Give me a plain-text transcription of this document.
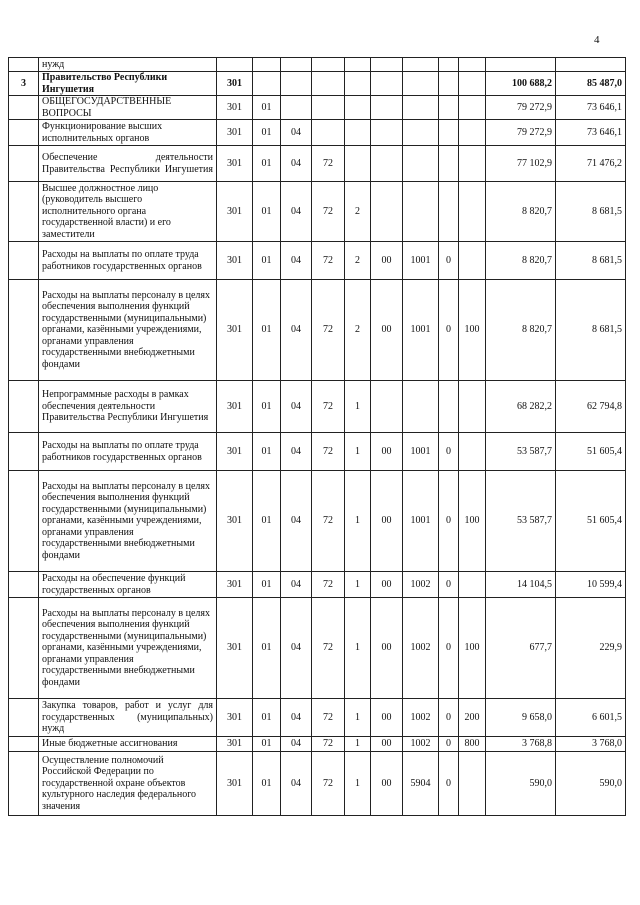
4
	нужд											
3	Правительство Республики Ингушетия	301									100 688,2	85 487,0
	ОБЩЕГОСУДАРСТВЕННЫЕ ВОПРОСЫ	301	01								79 272,9	73 646,1
	Функционирование высших исполнительных органов	301	01	04							79 272,9	73 646,1
	Обеспечение деятельности Правительства Республики Ингушетия	301	01	04	72						77 102,9	71 476,2
	Высшее должностное лицо (руководитель высшего исполнительного органа государственной власти) и его заместители	301	01	04	72	2					8 820,7	8 681,5
	Расходы на выплаты по оплате труда работников государственных органов	301	01	04	72	2	00	1001	0		8 820,7	8 681,5
	Расходы на выплаты персоналу в целях обеспечения выполнения функций государственными (муниципальными) органами, казёнными учреждениями, органами управления государственными внебюджетными фондами	301	01	04	72	2	00	1001	0	100	8 820,7	8 681,5
	Непрограммные расходы в рамках обеспечения деятельности Правительства Республики Ингушетия	301	01	04	72	1					68 282,2	62 794,8
	Расходы на выплаты по оплате труда работников государственных органов	301	01	04	72	1	00	1001	0		53 587,7	51 605,4
	Расходы на выплаты персоналу в целях обеспечения выполнения функций государственными (муниципальными) органами, казёнными учреждениями, органами управления государственными внебюджетными фондами	301	01	04	72	1	00	1001	0	100	53 587,7	51 605,4
	Расходы на обеспечение функций государственных органов	301	01	04	72	1	00	1002	0		14 104,5	10 599,4
	Расходы на выплаты персоналу в целях обеспечения выполнения функций государственными (муниципальными) органами, казёнными учреждениями, органами управления государственными внебюджетными фондами	301	01	04	72	1	00	1002	0	100	677,7	229,9
	Закупка товаров, работ и услуг для государственных (муниципальных) нужд	301	01	04	72	1	00	1002	0	200	9 658,0	6 601,5
	Иные бюджетные ассигнования	301	01	04	72	1	00	1002	0	800	3 768,8	3 768,0
	Осуществление полномочий Российской Федерации по государственной охране объектов культурного наследия федерального значения	301	01	04	72	1	00	5904	0		590,0	590,0
